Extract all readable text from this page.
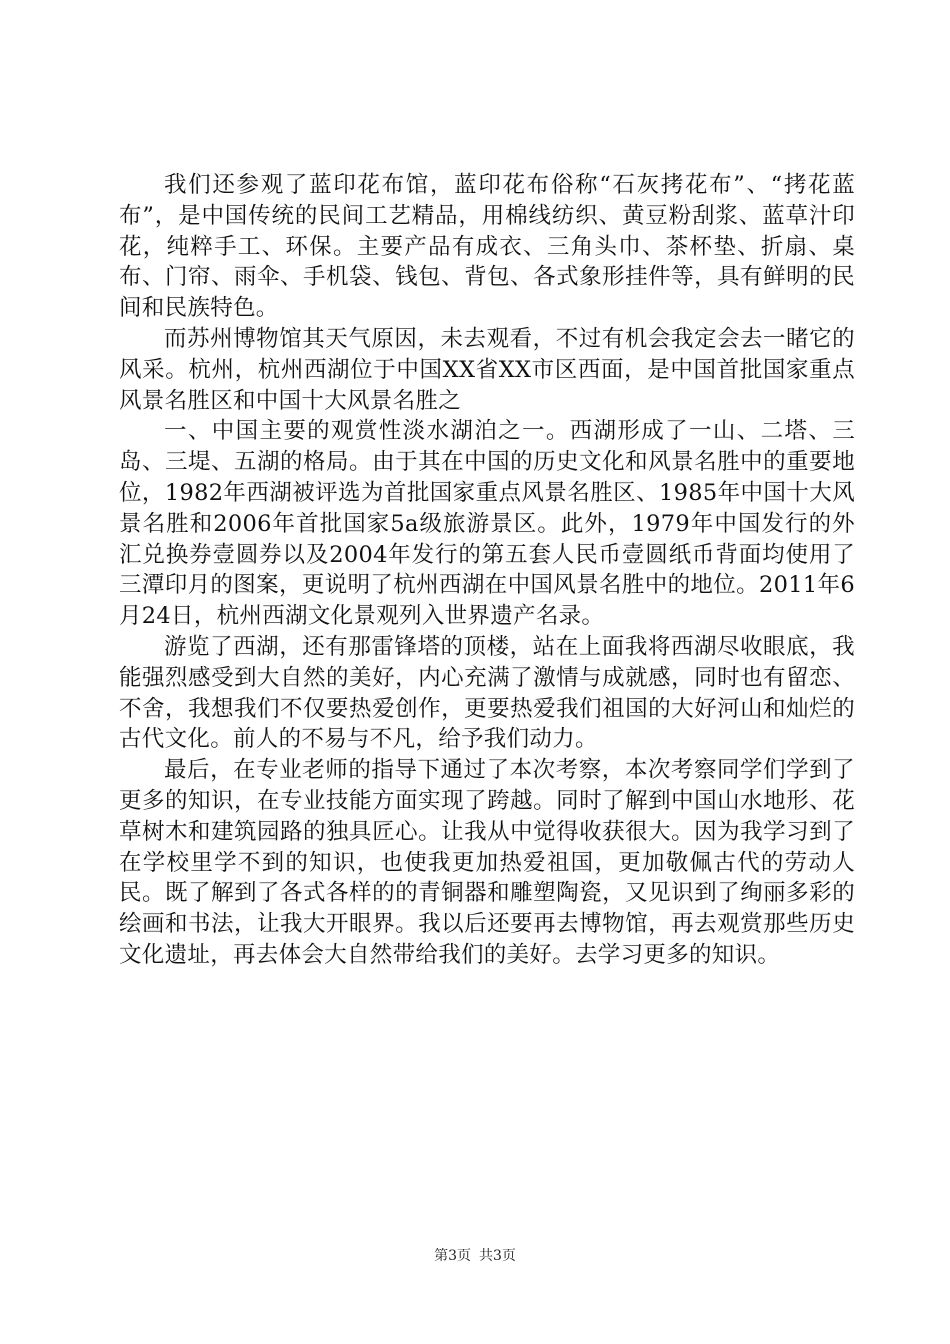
我们还参观了蓝印花布馆，蓝印花布俗称“石灰拷花布”、“拷花蓝布”，是中国传统的民间工艺精品，用棉线纺织、黄豆粉刮浆、蓝草汁印花，纯粹手工、环保。主要产品有成衣、三角头巾、茶杯垫、折扇、桌布、门帘、雨伞、手机袋、钱包、背包、各式象形挂件等，具有鲜明的民间和民族特色。

而苏州博物馆其天气原因，未去观看，不过有机会我定会去一睹它的风采。杭州，杭州西湖位于中国XX省XX市区西面，是中国首批国家重点风景名胜区和中国十大风景名胜之

一、中国主要的观赏性淡水湖泊之一。西湖形成了一山、二塔、三岛、三堤、五湖的格局。由于其在中国的历史文化和风景名胜中的重要地位，1982年西湖被评选为首批国家重点风景名胜区、1985年中国十大风景名胜和2006年首批国家5a级旅游景区。此外，1979年中国发行的外汇兑换券壹圆券以及2004年发行的第五套人民币壹圆纸币背面均使用了三潭印月的图案，更说明了杭州西湖在中国风景名胜中的地位。2011年6月24日，杭州西湖文化景观列入世界遗产名录。

游览了西湖，还有那雷锋塔的顶楼，站在上面我将西湖尽收眼底，我能强烈感受到大自然的美好，内心充满了激情与成就感，同时也有留恋、不舍，我想我们不仅要热爱创作，更要热爱我们祖国的大好河山和灿烂的古代文化。前人的不易与不凡，给予我们动力。

最后，在专业老师的指导下通过了本次考察，本次考察同学们学到了更多的知识，在专业技能方面实现了跨越。同时了解到中国山水地形、花草树木和建筑园路的独具匠心。让我从中觉得收获很大。因为我学习到了在学校里学不到的知识，也使我更加热爱祖国，更加敬佩古代的劳动人民。既了解到了各式各样的的青铜器和雕塑陶瓷，又见识到了绚丽多彩的绘画和书法，让我大开眼界。我以后还要再去博物馆，再去观赏那些历史文化遗址，再去体会大自然带给我们的美好。去学习更多的知识。

第3页 共3页
